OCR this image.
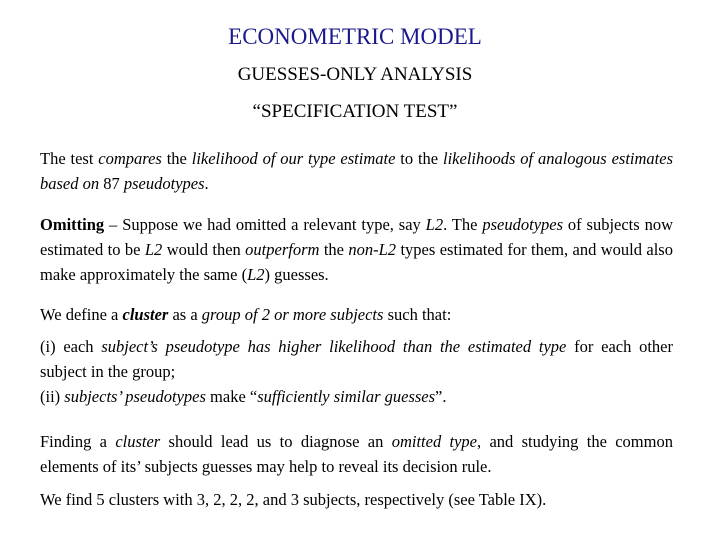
ECONOMETRIC MODEL
GUESSES-ONLY ANALYSIS
“SPECIFICATION TEST”

The test compares the likelihood of our type estimate to the likelihoods of analogous estimates based on 87 pseudotypes.

Omitting – Suppose we had omitted a relevant type, say L2. The pseudotypes of subjects now estimated to be L2 would then outperform the non-L2 types estimated for them, and would also make approximately the same (L2) guesses.

We define a cluster as a group of 2 or more subjects such that:

(i) each subject’s pseudotype has higher likelihood than the estimated type for each other subject in the group;
(ii) subjects’ pseudotypes make “sufficiently similar guesses”.

Finding a cluster should lead us to diagnose an omitted type, and studying the common elements of its’ subjects guesses may help to reveal its decision rule.

We find 5 clusters with 3, 2, 2, 2, and 3 subjects, respectively (see Table IX).
